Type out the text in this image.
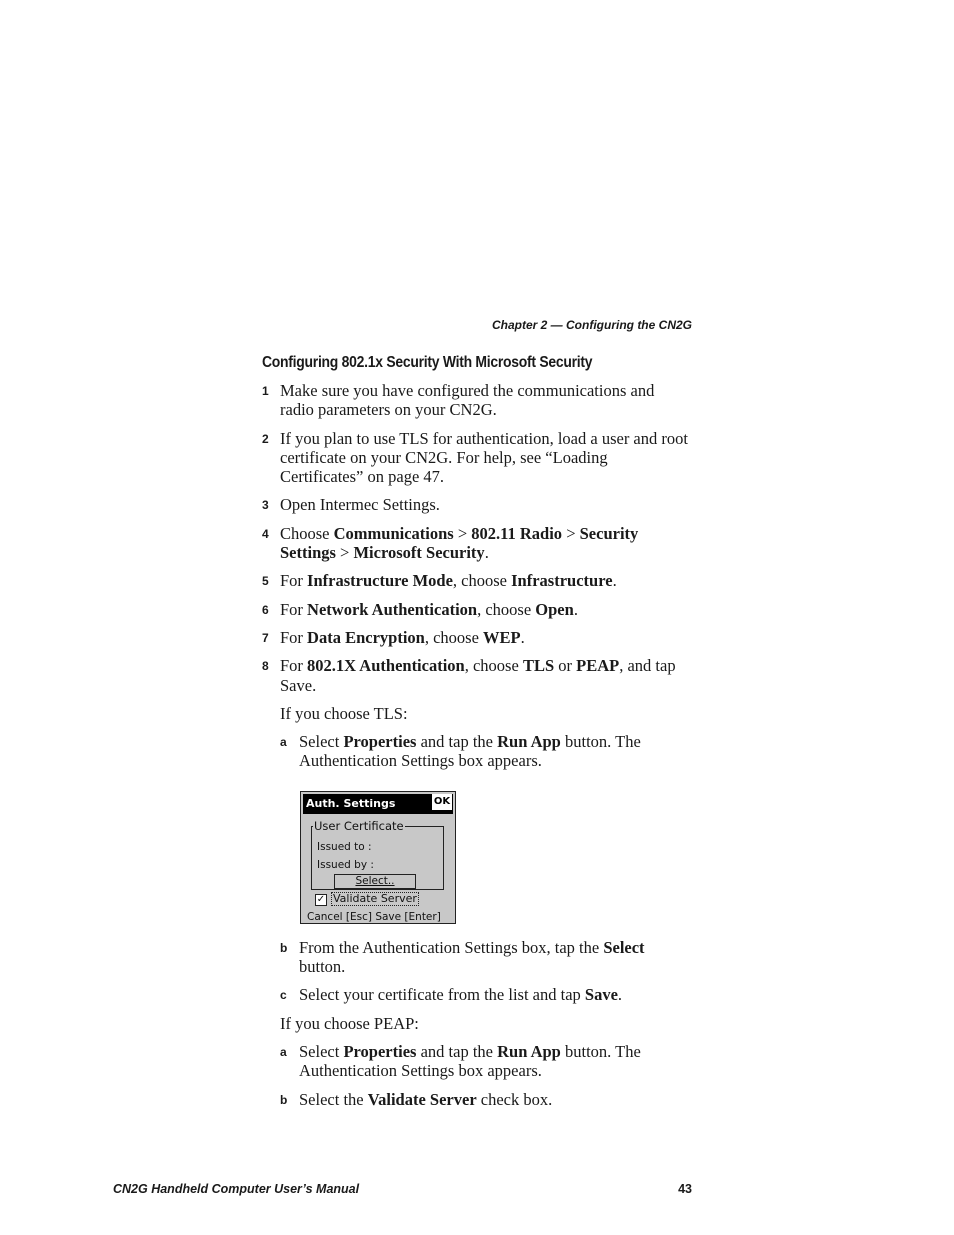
Chapter 2 — Configuring the CN2G
Configuring 802.1x Security With Microsoft Security
1 Make sure you have configured the communications and radio parameters on your CN2G.
2 If you plan to use TLS for authentication, load a user and root certificate on your CN2G. For help, see “Loading Certificates” on page 47.
3 Open Intermec Settings.
4 Choose Communications > 802.11 Radio > Security Settings > Microsoft Security.
5 For Infrastructure Mode, choose Infrastructure.
6 For Network Authentication, choose Open.
7 For Data Encryption, choose WEP.
8 For 802.1X Authentication, choose TLS or PEAP, and tap Save.
If you choose TLS:
a Select Properties and tap the Run App button. The Authentication Settings box appears.
Auth. Settings	OK
User Certificate
Issued to :
Issued by :
Select..
✓ Validate Server
Cancel [Esc] Save [Enter]
b From the Authentication Settings box, tap the Select button.
c Select your certificate from the list and tap Save.
If you choose PEAP:
a Select Properties and tap the Run App button. The Authentication Settings box appears.
b Select the Validate Server check box.
CN2G Handheld Computer User’s Manual	43
